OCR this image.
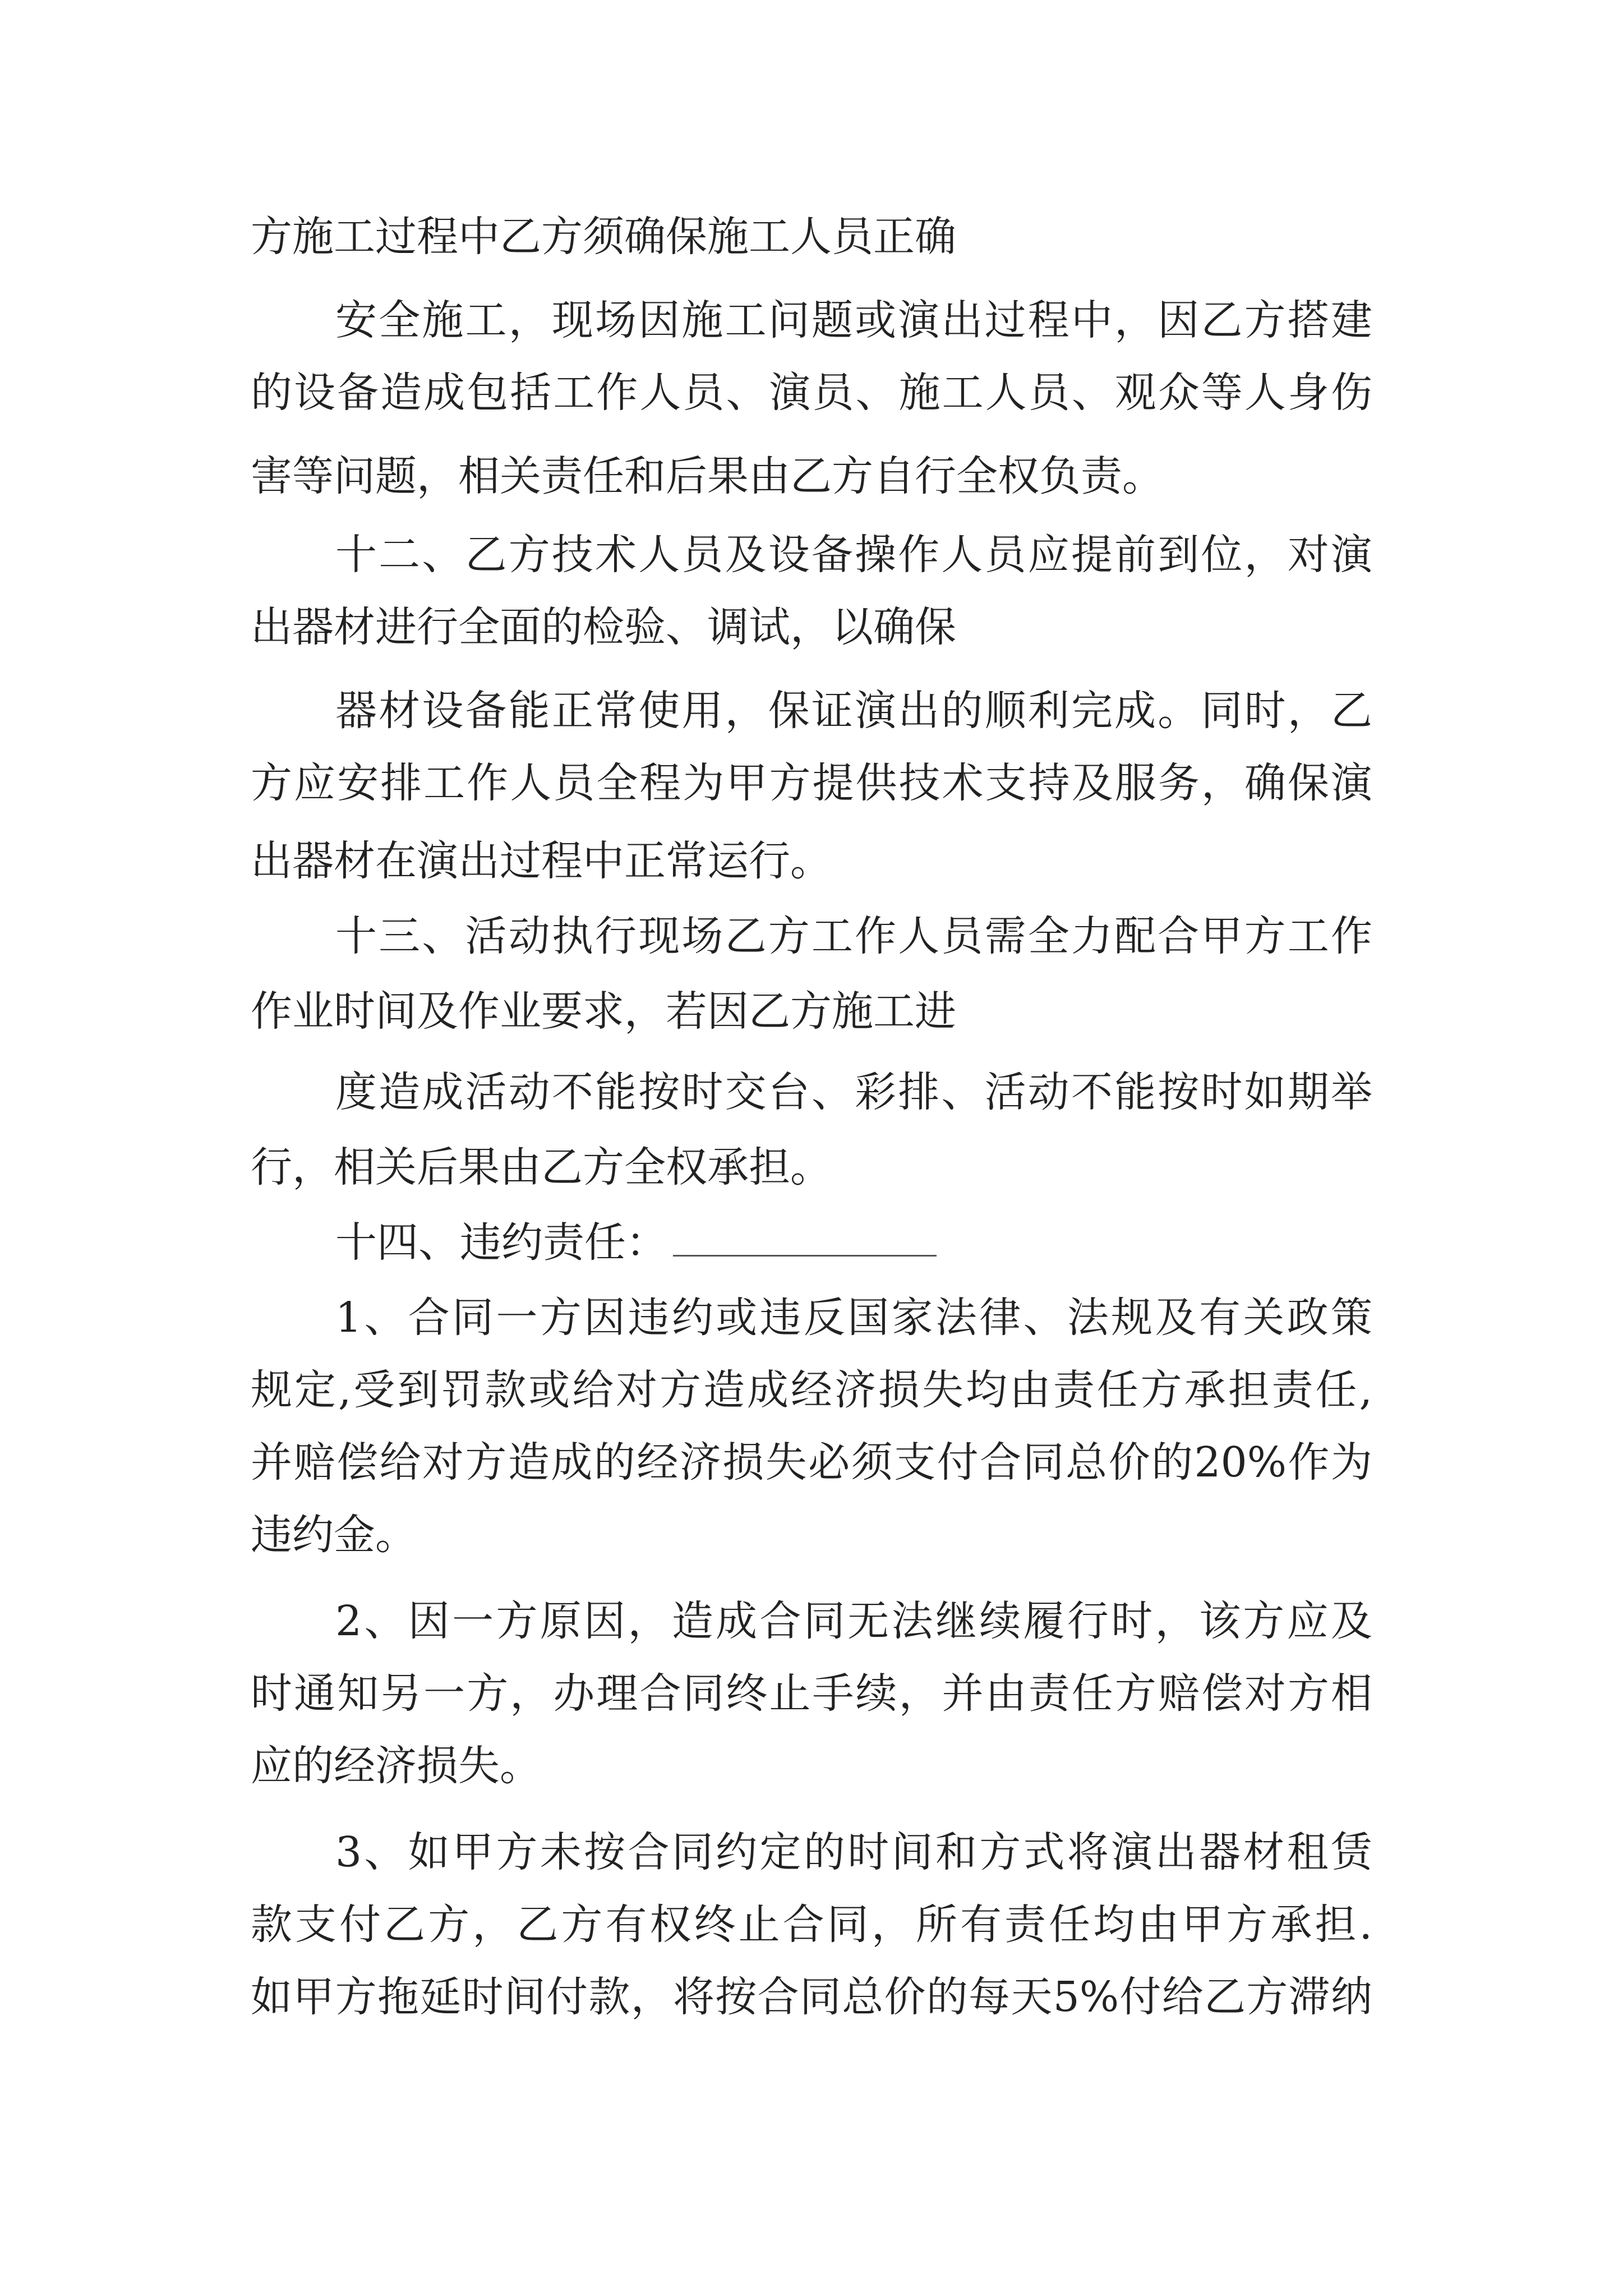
方施工过程中乙方须确保施工人员正确
安全施工，现场因施工问题或演出过程中，因乙方搭建
的设备造成包括工作人员、演员、施工人员、观众等人身伤
害等问题，相关责任和后果由乙方自行全权负责。
十二、乙方技术人员及设备操作人员应提前到位，对演
出器材进行全面的检验、调试，以确保
器材设备能正常使用，保证演出的顺利完成。同时，乙
方应安排工作人员全程为甲方提供技术支持及服务，确保演
出器材在演出过程中正常运行。
十三、活动执行现场乙方工作人员需全力配合甲方工作
作业时间及作业要求，若因乙方施工进
度造成活动不能按时交台、彩排、活动不能按时如期举
行，相关后果由乙方全权承担。
十四、违约责任：
1、合同一方因违约或违反国家法律、法规及有关政策
规定,受到罚款或给对方造成经济损失均由责任方承担责任,
并赔偿给对方造成的经济损失必须支付合同总价的20%作为
违约金。
2、因一方原因，造成合同无法继续履行时，该方应及
时通知另一方，办理合同终止手续，并由责任方赔偿对方相
应的经济损失。
3、如甲方未按合同约定的时间和方式将演出器材租赁
款支付乙方，乙方有权终止合同，所有责任均由甲方承担.
如甲方拖延时间付款，将按合同总价的每天5%付给乙方滞纳
